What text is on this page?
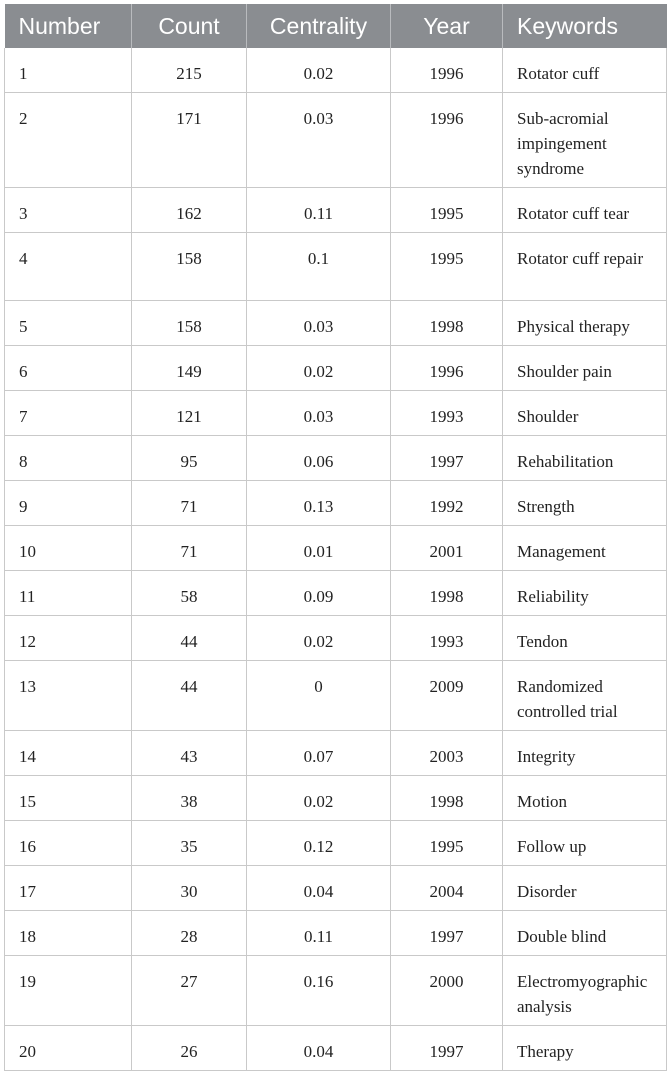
Number	Count	Centrality	Year	Keywords
1	215	0.02	1996	Rotator cuff
2	171	0.03	1996	Sub-acromial impingement syndrome
3	162	0.11	1995	Rotator cuff tear
4	158	0.1	1995	Rotator cuff repair
5	158	0.03	1998	Physical therapy
6	149	0.02	1996	Shoulder pain
7	121	0.03	1993	Shoulder
8	95	0.06	1997	Rehabilitation
9	71	0.13	1992	Strength
10	71	0.01	2001	Management
11	58	0.09	1998	Reliability
12	44	0.02	1993	Tendon
13	44	0	2009	Randomized controlled trial
14	43	0.07	2003	Integrity
15	38	0.02	1998	Motion
16	35	0.12	1995	Follow up
17	30	0.04	2004	Disorder
18	28	0.11	1997	Double blind
19	27	0.16	2000	Electromyographic analysis
20	26	0.04	1997	Therapy
